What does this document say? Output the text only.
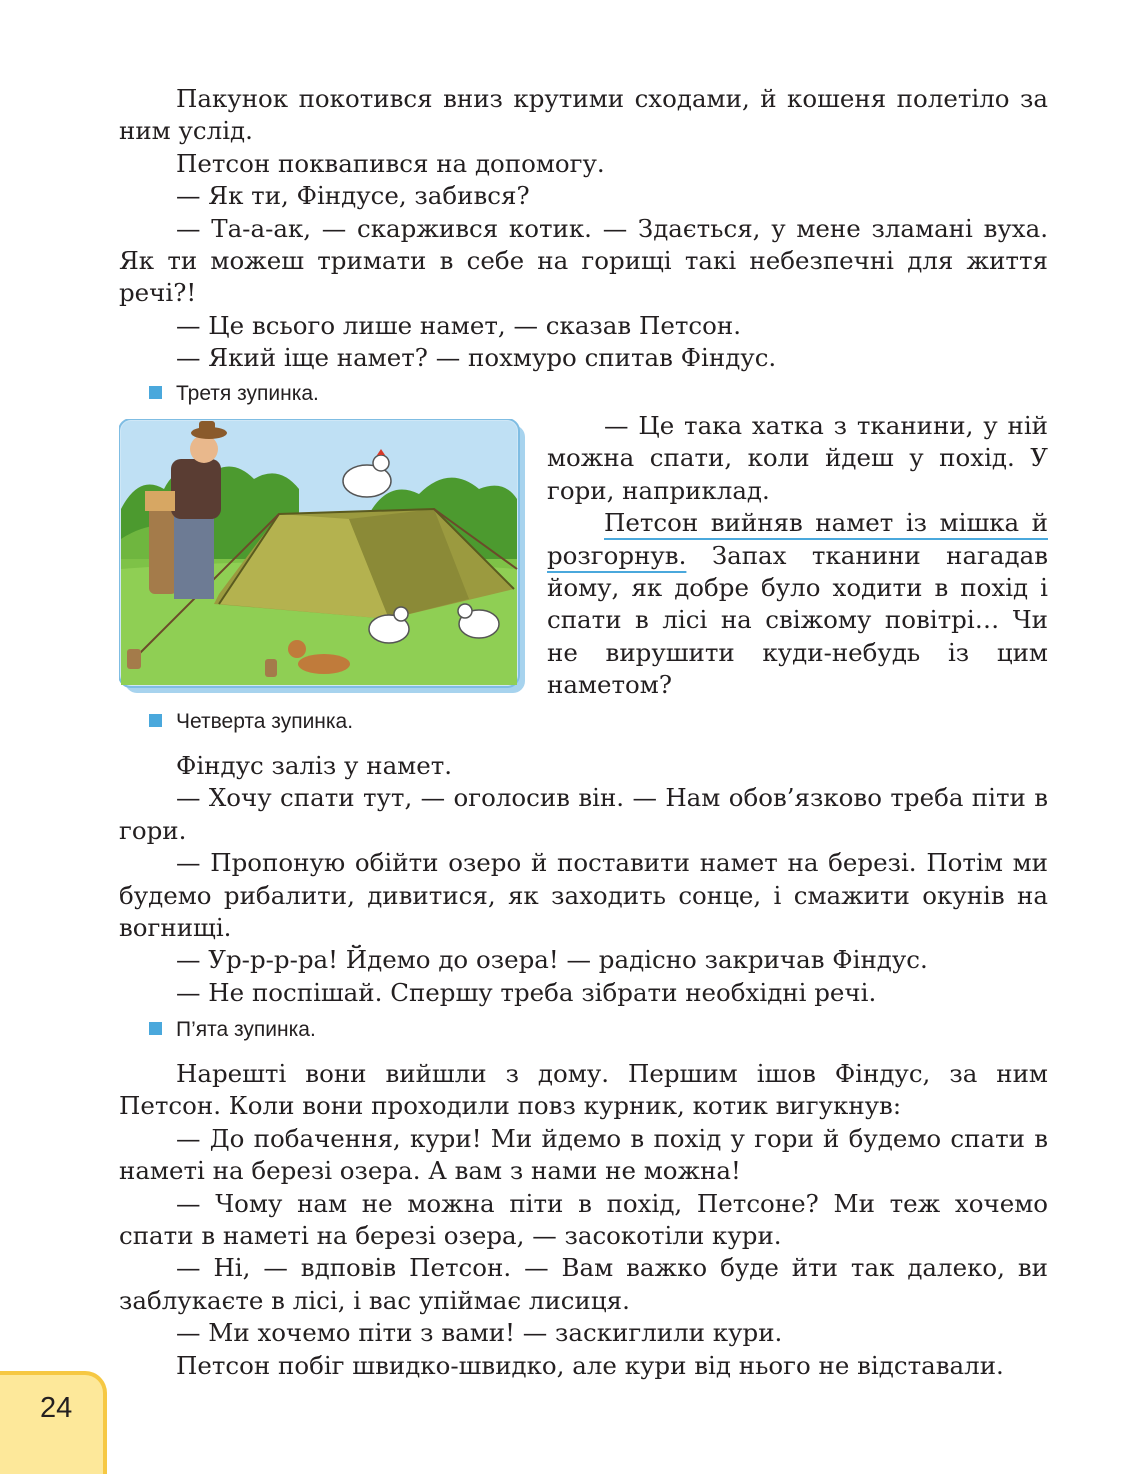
Пакунок покотився вниз крутими сходами, й кошеня полетіло за ним услід.

Петсон поквапився на допомогу.

— Як ти, Фіндусе, забився?

— Та-а-ак, — скаржився котик. — Здається, у мене зламані вуха. Як ти можеш тримати в себе на горищі такі небезпечні для життя речі?!

— Це всього лише намет, — сказав Петсон.

— Який іще намет? — похмуро спитав Фіндус.

Третя зупинка.

— Це така хатка з тканини, у ній можна спати, коли йдеш у похід. У гори, наприклад.

Петсон вийняв намет із мішка й розгорнув. Запах тканини нагадав йому, як добре було ходити в похід і спати в лісі на свіжому повітрі… Чи не вирушити куди-небудь із цим наметом?

Четверта зупинка.

Фіндус заліз у намет.

— Хочу спати тут, — оголосив він. — Нам обов’язково треба піти в гори.

— Пропоную обійти озеро й поставити намет на березі. Потім ми будемо рибалити, дивитися, як заходить сонце, і смажити окунів на вогнищі.

— Ур-р-р-ра! Йдемо до озера! — радісно закричав Фіндус.

— Не поспішай. Спершу треба зібрати необхідні речі.

П’ята зупинка.

Нарешті вони вийшли з дому. Першим ішов Фіндус, за ним Петсон. Коли вони проходили повз курник, котик вигукнув:

— До побачення, кури! Ми йдемо в похід у гори й будемо спати в наметі на березі озера. А вам з нами не можна!

— Чому нам не можна піти в похід, Петсоне? Ми теж хочемо спати в наметі на березі озера, — засокотіли кури.

— Ні, — вдповів Петсон. — Вам важко буде йти так далеко, ви заблукаєте в лісі, і вас упіймає лисиця.

— Ми хочемо піти з вами! — заскиглили кури.

Петсон побіг швидко-швидко, але кури від нього не відставали.

24
